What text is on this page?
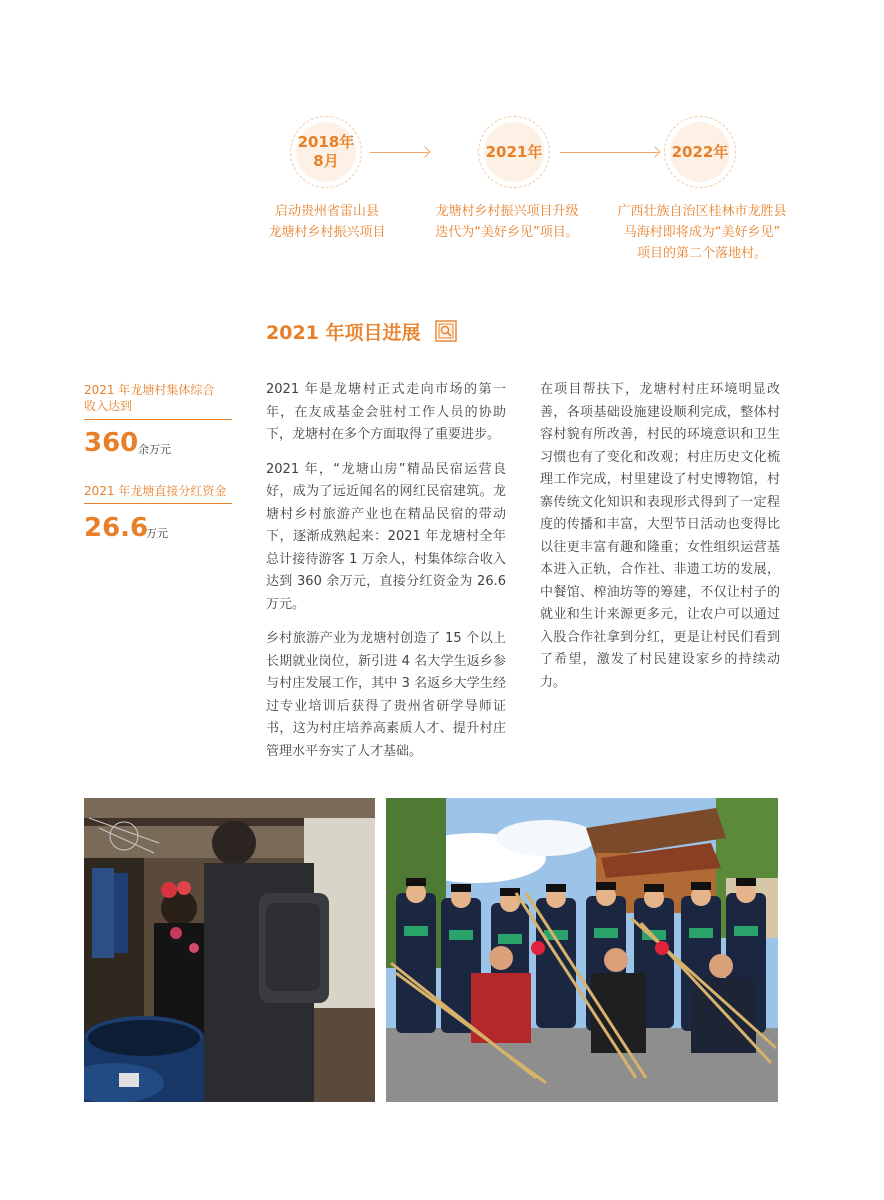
2018年
8月
2021年	2022年
启动贵州省雷山县
龙塘村乡村振兴项目
龙塘村乡村振兴项目升级
迭代为“美好乡见”项目。
广西壮族自治区桂林市龙胜县
马海村即将成为“美好乡见”
项目的第二个落地村。
2021 年项目进展
2021 年龙塘村集体综合
收入达到
360 余万元
2021 年龙塘直接分红资金
26.6
万元

2021 年是龙塘村正式走向市场的第一年，在友成基金会驻村工作人员的协助下，龙塘村在多个方面取得了重要进步。

2021 年，“龙塘山房”精品民宿运营良好，成为了远近闻名的网红民宿建筑。龙塘村乡村旅游产业也在精品民宿的带动下，逐渐成熟起来：2021 年龙塘村全年总计接待游客 1 万余人，村集体综合收入达到 360 余万元，直接分红资金为 26.6 万元。

乡村旅游产业为龙塘村创造了 15 个以上长期就业岗位，新引进 4 名大学生返乡参与村庄发展工作，其中 3 名返乡大学生经过专业培训后获得了贵州省研学导师证书，这为村庄培养高素质人才、提升村庄管理水平夯实了人才基础。

在项目帮扶下，龙塘村村庄环境明显改善，各项基础设施建设顺利完成，整体村容村貌有所改善，村民的环境意识和卫生习惯也有了变化和改观；村庄历史文化梳理工作完成，村里建设了村史博物馆，村寨传统文化知识和表现形式得到了一定程度的传播和丰富，大型节日活动也变得比以往更丰富有趣和隆重；女性组织运营基本进入正轨，合作社、非遗工坊的发展，中餐馆、榨油坊等的筹建，不仅让村子的就业和生计来源更多元，让农户可以通过入股合作社拿到分红，更是让村民们看到了希望，激发了村民建设家乡的持续动力。
